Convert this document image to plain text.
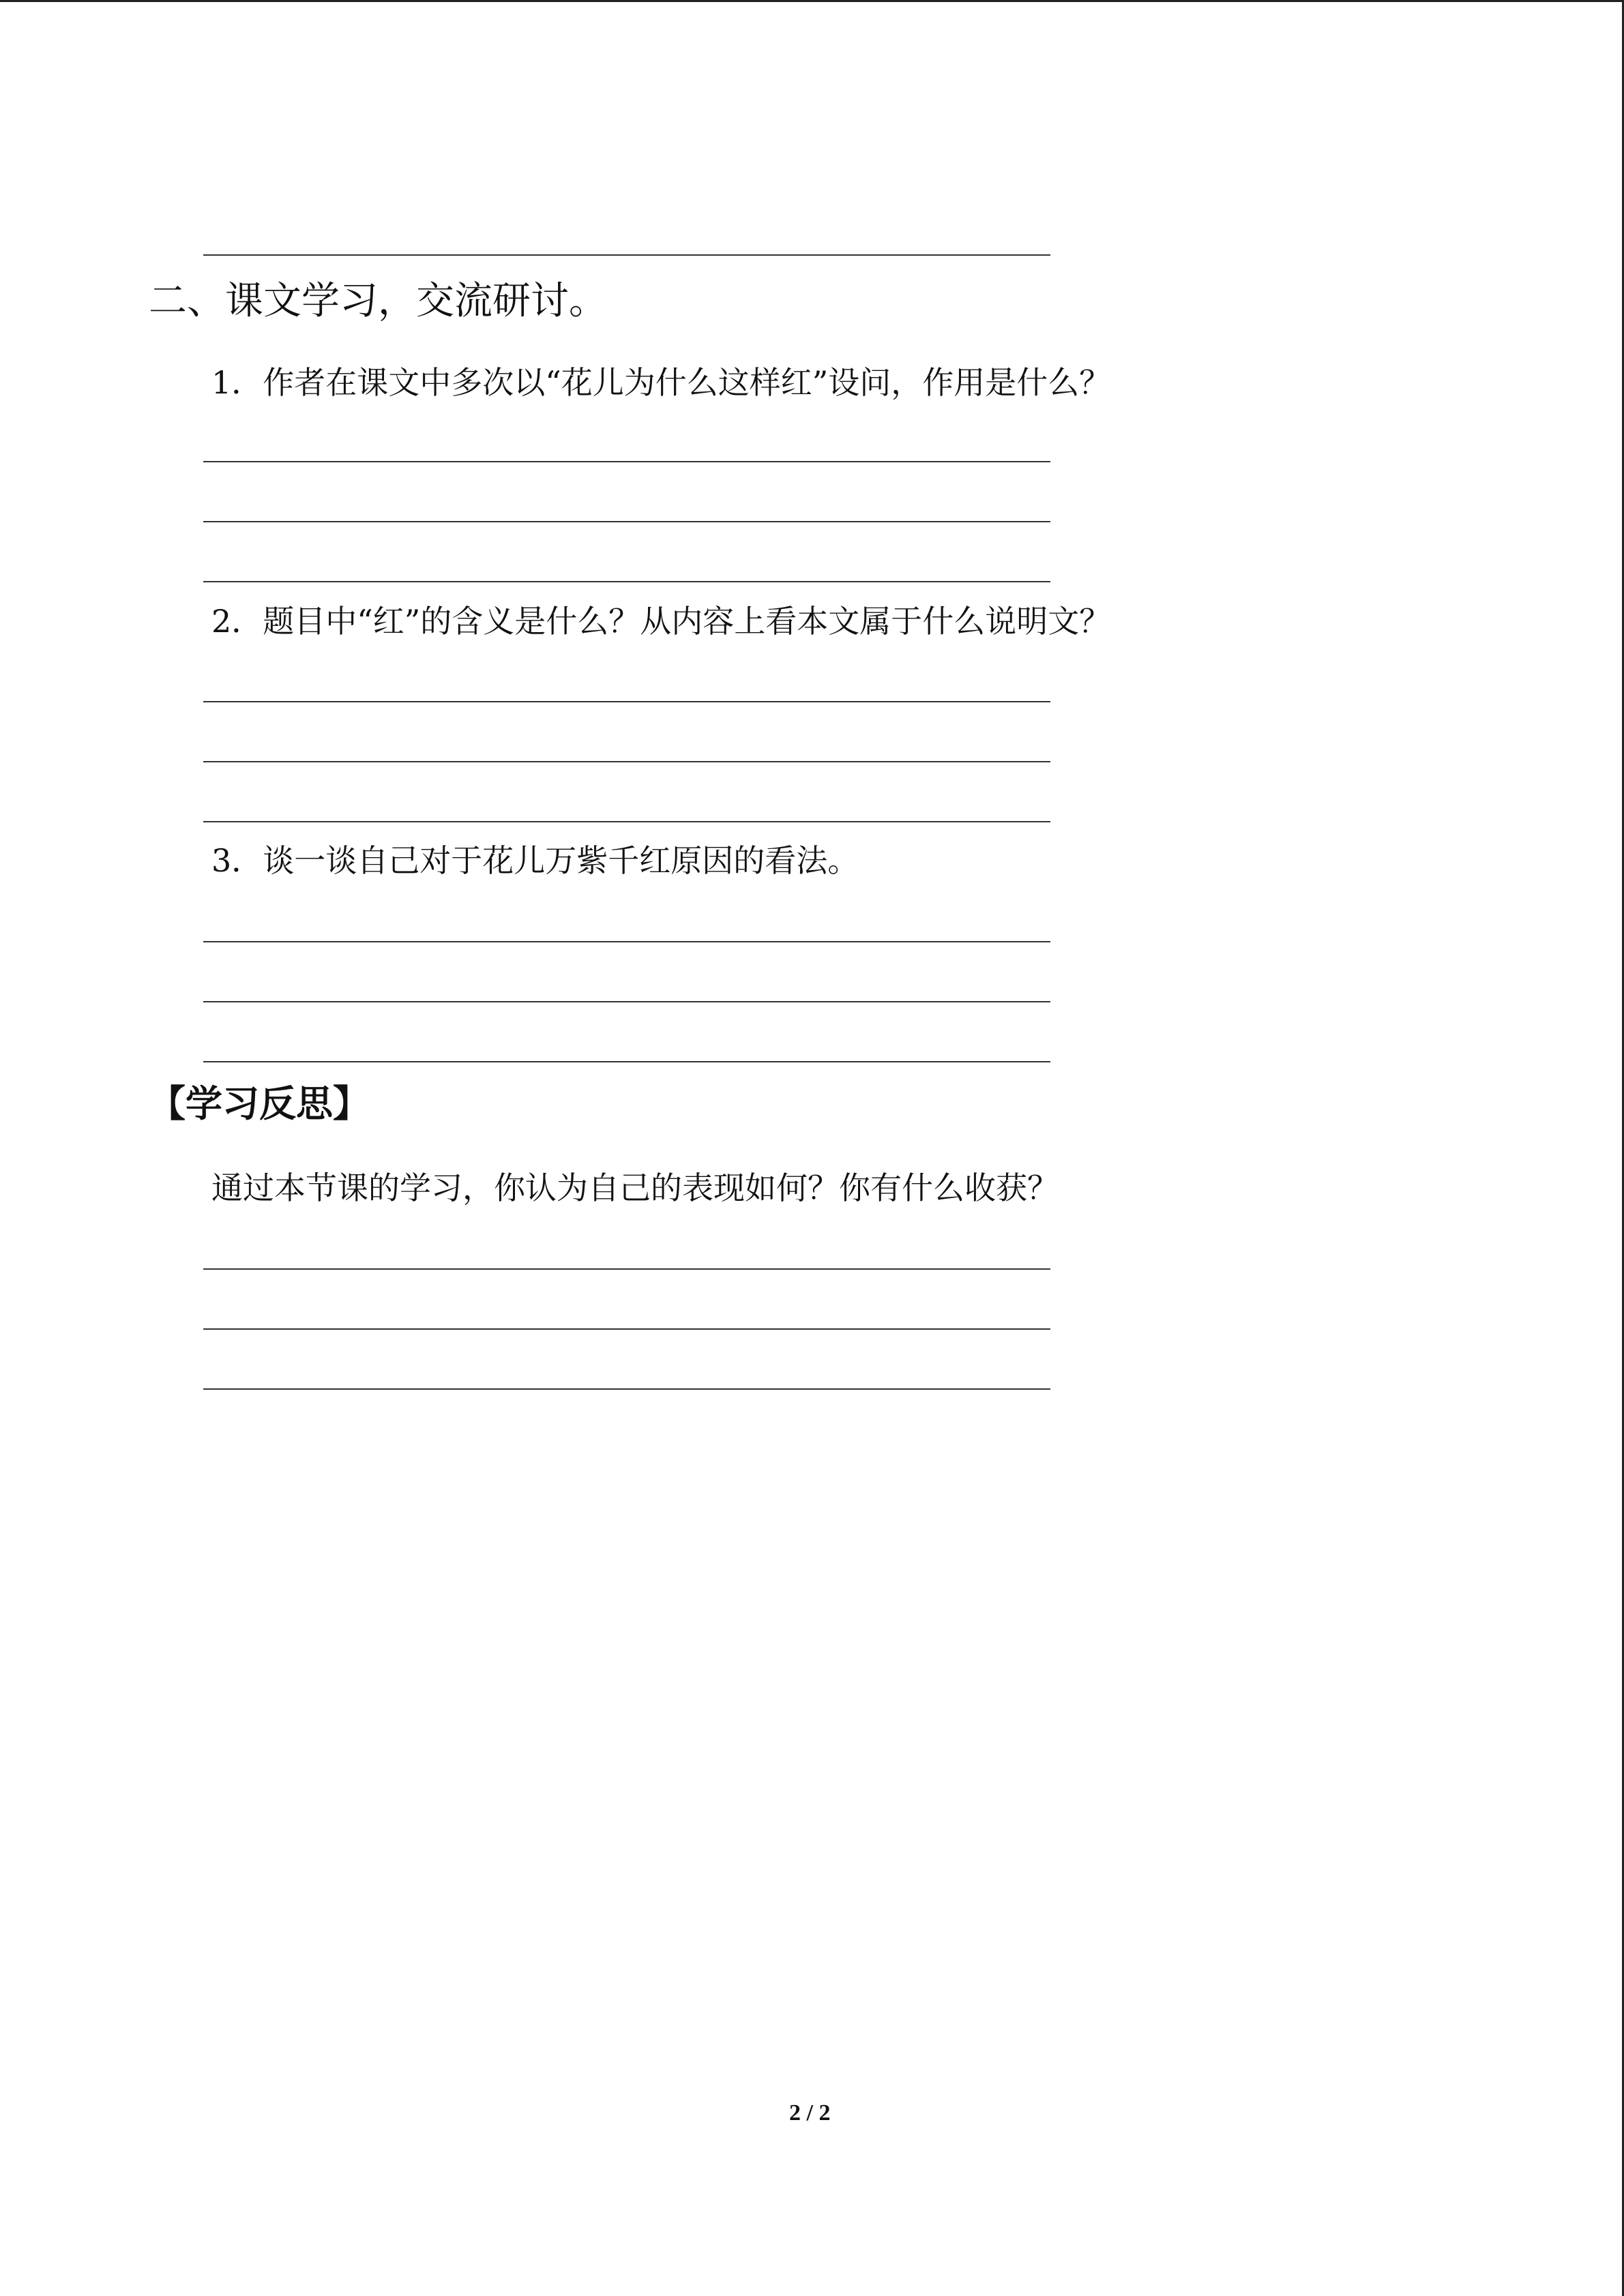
二、课文学习，交流研讨。
1．作者在课文中多次以“花儿为什么这样红”设问，作用是什么？
2．题目中“红”的含义是什么？从内容上看本文属于什么说明文？
3．谈一谈自己对于花儿万紫千红原因的看法。
【学习反思】
通过本节课的学习，你认为自己的表现如何？你有什么收获？
2 / 2
